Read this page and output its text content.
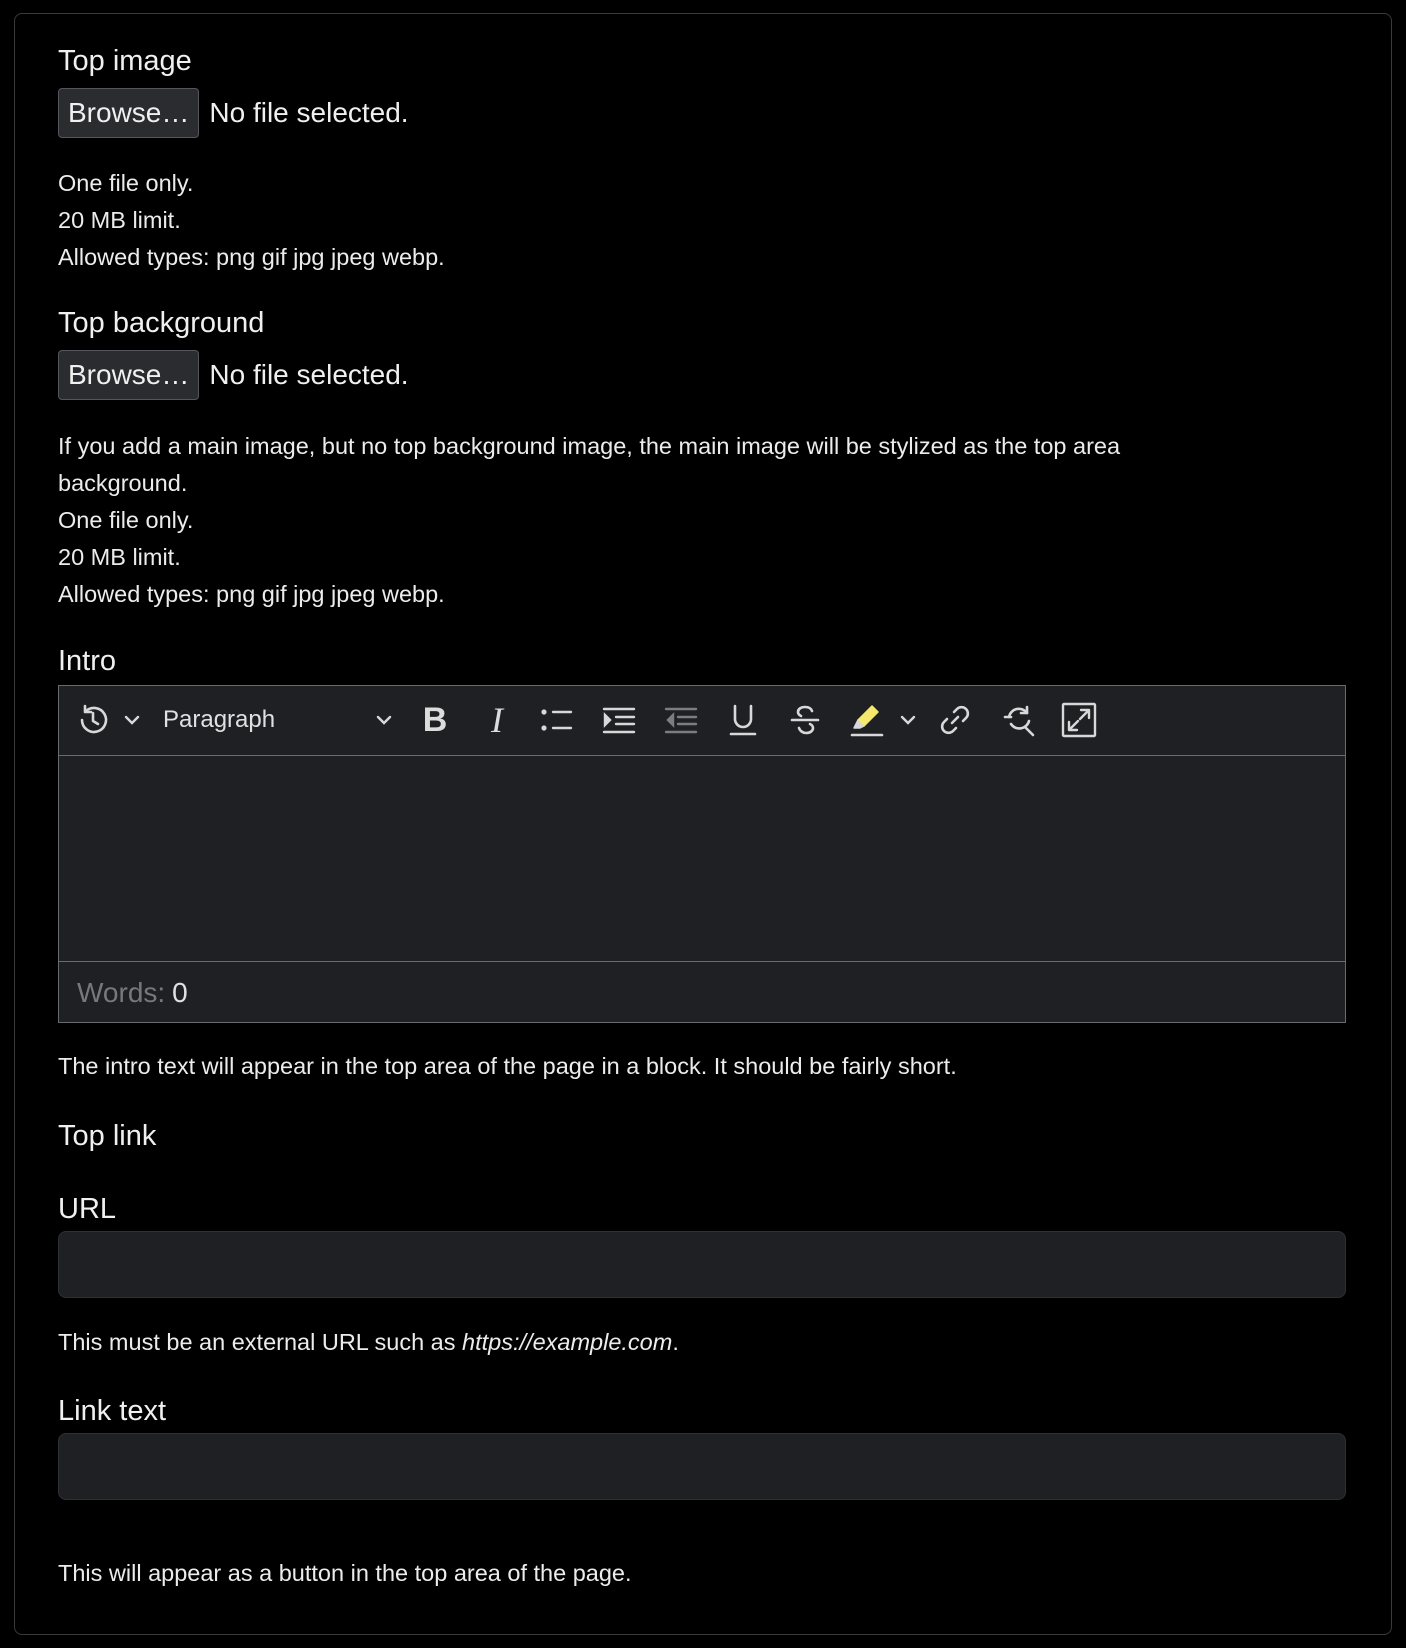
Top image
Browse… No file selected.
One file only.
20 MB limit.
Allowed types: png gif jpg jpeg webp.
Top background
Browse… No file selected.
If you add a main image, but no top background image, the main image will be stylized as the top area
background.
One file only.
20 MB limit.
Allowed types: png gif jpg jpeg webp.
Intro
Paragraph	B I
Words: 0
The intro text will appear in the top area of the page in a block. It should be fairly short.
Top link
URL
This must be an external URL such as https://example.com.
Link text
This will appear as a button in the top area of the page.
